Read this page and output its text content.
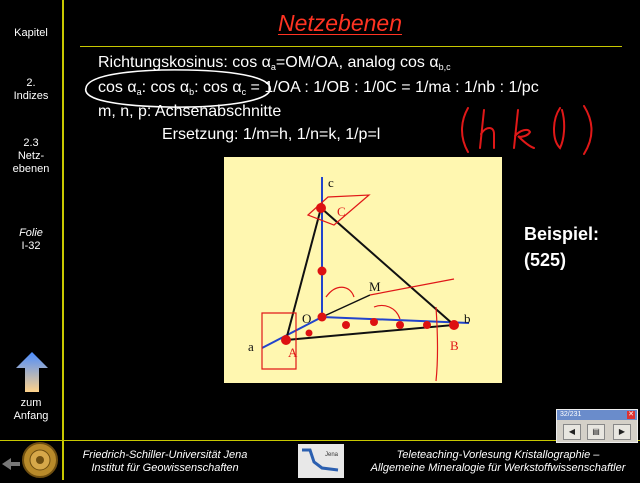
Kapitel
2.
Indizes
2.3
Netz-
ebenen
Folie
I-32
zum
Anfang
Netzebenen
Richtungskosinus: $\cos \alpha_a=OM/OA$, analog $\cos \alpha_{b,c}$
$\cos \alpha_a$: $\cos \alpha_b$: $\cos \alpha_c = 1/OA$ : 1/OB : 1/0C = 1/ma : 1/nb : 1/pc
m, n, p: Achsenabschnitte
Ersetzung: 1/m=h, 1/n=k, 1/p=l
Beispiel:
(525)
c
C
M
O	b
a	A	B
Friedrich-Schiller-Universität Jena
Institut für Geowissenschaften
Jena	Teleteaching-Vorlesung Kristallographie –
Allgemeine Mineralogie für Werkstoffwissenschaftler
32/231	✕
◀	▤	▶
